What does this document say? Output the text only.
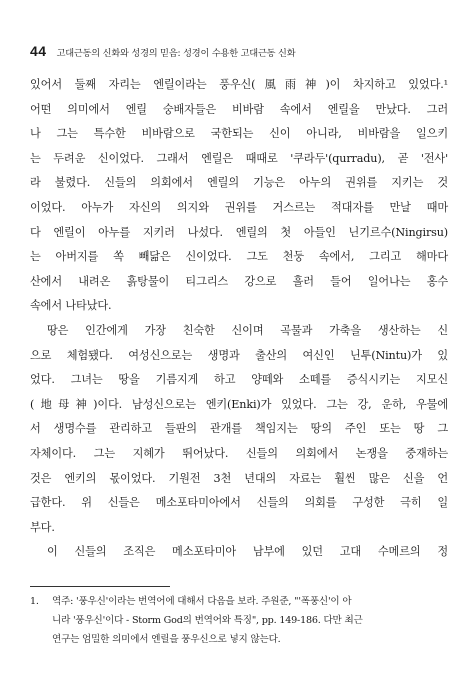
44 고대근동의 신화와 성경의 믿음: 성경이 수용한 고대근동 신화
있어서 둘째 자리는 엔릴이라는 풍우신(風雨神)이 차지하고 있었다.¹
어떤 의미에서 엔릴 숭배자들은 비바람 속에서 엔릴을 만났다. 그러
나 그는 특수한 비바람으로 국한되는 신이 아니라, 비바람을 일으키
는 두려운 신이었다. 그래서 엔릴은 때때로 '쿠라두'(qurradu), 곧 '전사'
라 불렸다. 신들의 의회에서 엔릴의 기능은 아누의 권위를 지키는 것
이었다. 아누가 자신의 의지와 권위를 거스르는 적대자를 만날 때마
다 엔릴이 아누를 지키러 나섰다. 엔릴의 첫 아들인 닌기르수(Ningirsu)
는 아버지를 쏙 빼닮은 신이었다. 그도 천둥 속에서, 그리고 해마다
산에서 내려온 흙탕물이 티그리스 강으로 흘러 들어 일어나는 홍수
속에서 나타났다.
땅은 인간에게 가장 친숙한 신이며 곡물과 가축을 생산하는 신
으로 체험됐다. 여성신으로는 생명과 출산의 여신인 닌투(Nintu)가 있
었다. 그녀는 땅을 기름지게 하고 양떼와 소떼를 증식시키는 지모신
(地母神)이다. 남성신으로는 엔키(Enki)가 있었다. 그는 강, 운하, 우물에
서 생명수를 관리하고 들판의 관개를 책임지는 땅의 주인 또는 땅 그
자체이다. 그는 지혜가 뛰어났다. 신들의 의회에서 논쟁을 중재하는
것은 엔키의 몫이었다. 기원전 3천 년대의 자료는 훨씬 많은 신을 언
급한다. 위 신들은 메소포타미아에서 신들의 의회를 구성한 극히 일
부다.
이 신들의 조직은 메소포타미아 남부에 있던 고대 수메르의 정
1.	역주: '풍우신'이라는 번역어에 대해서 다음을 보라. 주원준, "'폭풍신'이 아
니라 '풍우신'이다 - Storm God의 번역어와 특징", pp. 149-186. 다만 최근
연구는 엄밀한 의미에서 엔릴을 풍우신으로 넣지 않는다.
